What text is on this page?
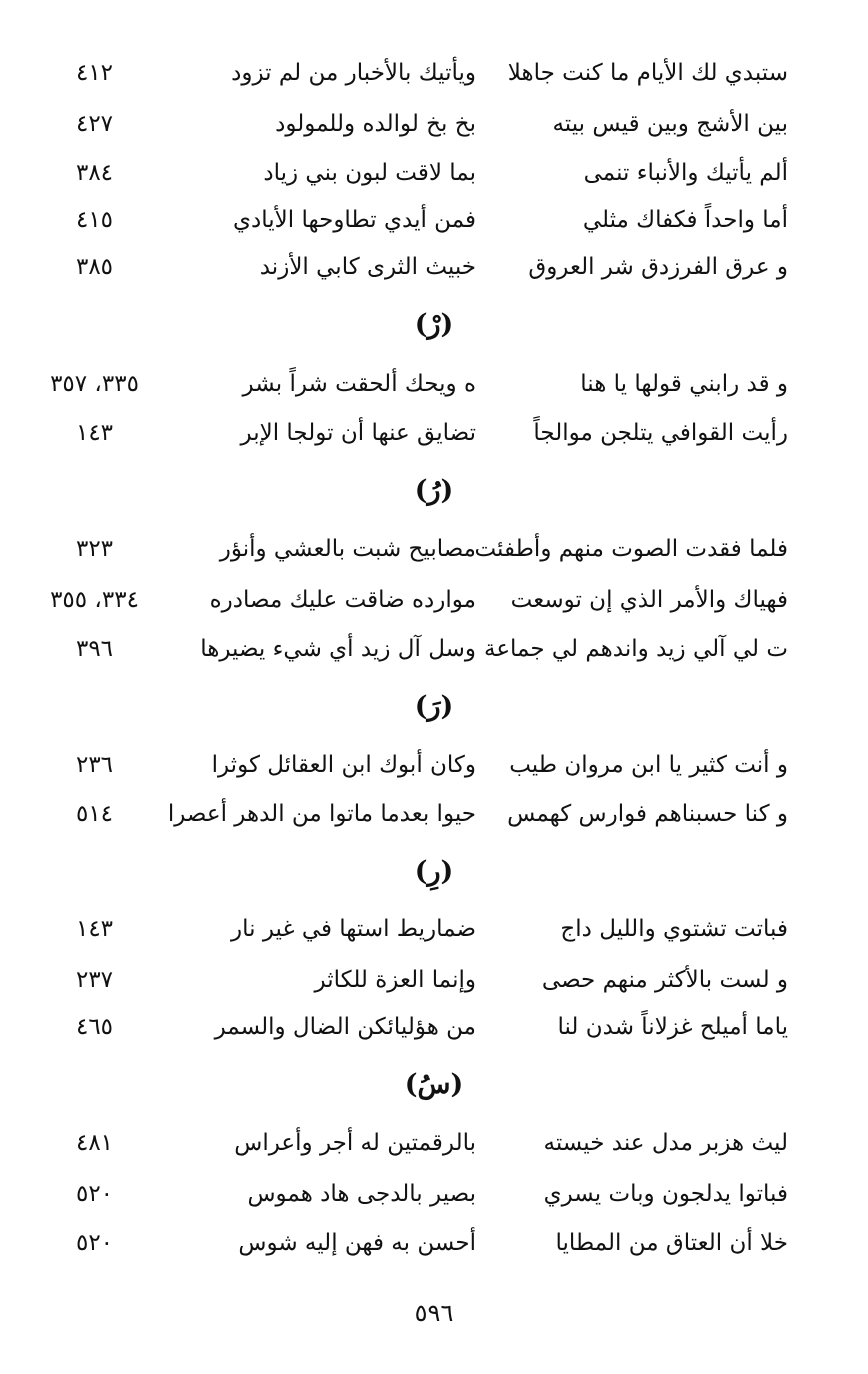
ستبدي لك الأيام ما كنت جاهلا
ويأتيك بالأخبار من لم تزود
٤١٢
بين الأشج وبين قيس بيته
بخ بخ لوالده وللمولود
٤٢٧
ألم يأتيك والأنباء تنمى
بما لاقت لبون بني زياد
٣٨٤
أما واحداً فكفاك مثلي
فمن أيدي تطاوحها الأيادي
٤١٥
و عرق الفرزدق شر العروق
خبيث الثرى كابي الأزند
٣٨٥
(رْ)
و قد رابني قولها يا هنا
ه ويحك ألحقت شراً بشر
٣٣٥، ٣٥٧
رأيت القوافي يتلجن موالجاً
تضايق عنها أن تولجا الإبر
١٤٣
(رُ)
فلما فقدت الصوت منهم وأطفئت
مصابيح شبت بالعشي وأنؤر
٣٢٣
فهياك والأمر الذي إن توسعت
موارده ضاقت عليك مصادره
٣٣٤، ٣٥٥
ت لي آلي زيد واندهم لي جماعة
وسل آل زيد أي شيء يضيرها
٣٩٦
(رَ)
و أنت كثير يا ابن مروان طيب
وكان أبوك ابن العقائل كوثرا
٢٣٦
و كنا حسبناهم فوارس كهمس
حيوا بعدما ماتوا من الدهر أعصرا
٥١٤
(رِ)
فباتت تشتوي والليل داج
ضماريط استها في غير نار
١٤٣
و لست بالأكثر منهم حصى
وإنما العزة للكاثر
٢٣٧
ياما أميلح غزلاناً شدن لنا
من هؤليائكن الضال والسمر
٤٦٥
(سُ)
ليث هزبر مدل عند خيسته
بالرقمتين له أجر وأعراس
٤٨١
فباتوا يدلجون وبات يسري
بصير بالدجى هاد هموس
٥٢٠
خلا أن العتاق من المطايا
أحسن به فهن إليه شوس
٥٢٠
٥٩٦
